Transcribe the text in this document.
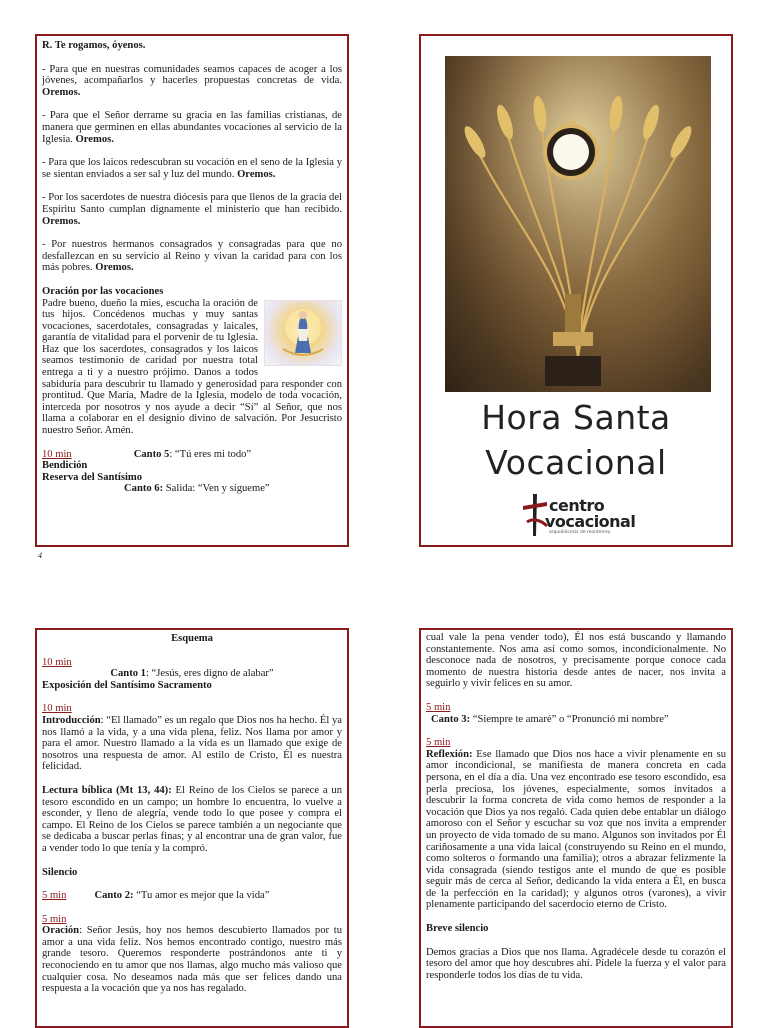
R. Te rogamos, óyenos.

- Para que en nuestras comunidades seamos capaces de acoger a los jóvenes, acompañarlos y hacerles propuestas concretas de vida. Oremos.

- Para que el Señor derrame su gracia en las familias cristianas, de manera que germinen en ellas abundantes vocaciones al servicio de la Iglesia. Oremos.

- Para que los laicos redescubran su vocación en el seno de la Iglesia y se sientan enviados a ser sal y luz del mundo. Oremos.

- Por los sacerdotes de nuestra diócesis para que llenos de la gracia del Espíritu Santo cumplan dignamente el ministerio que han recibido. Oremos.

- Por nuestros hermanos consagrados y consagradas para que no desfallezcan en su servicio al Reino y vivan la caridad para con los más pobres. Oremos.

Oración por las vocaciones

Padre bueno, dueño la mies, escucha la oración de tus hijos. Concédenos muchas y muy santas vocaciones, sacerdotales, consagradas y laicales, garantía de vitalidad para el porvenir de tu Iglesia. Haz que los sacerdotes, consagrados y los laicos seamos testimonio de caridad por nuestra total entrega a ti y a nuestro prójimo. Danos a todos sabiduría para descubrir tu llamado y generosidad para responder con prontitud. Que María, Madre de la Iglesia, modelo de toda vocación, interceda por nosotros y nos ayude a decir “Sí” al Señor, que nos llama a colaborar en el designio divino de salvación. Por Jesucristo nuestro Señor. Amén.

10 min	Canto 5: “Tú eres mi todo”
Bendición
Reserva del Santísimo
Canto 6: Salida: “Ven y sígueme”
4
Hora Santa
Vocacional
centro
vocacional
arquidiócesis de monterrey
Esquema
10 min
Canto 1: “Jesús, eres digno de alabar”
Exposición del Santísimo Sacramento
10 min

Introducción: “El llamado” es un regalo que Dios nos ha hecho. Él ya nos llamó a la vida, y a una vida plena, feliz. Nos llama por amor y para el amor. Nuestro llamado a la vida es un llamado que exige de nosotros una respuesta de amor. Al estilo de Cristo, Él es nuestra felicidad.

Lectura bíblica (Mt 13, 44): El Reino de los Cielos se parece a un tesoro escondido en un campo; un hombre lo encuentra, lo vuelve a esconder, y lleno de alegría, vende todo lo que posee y compra el campo. El Reino de los Cielos se parece también a un negociante que se dedicaba a buscar perlas finas; y al encontrar una de gran valor, fue a vender todo lo que tenía y la compró.

Silencio

5 min	Canto 2: “Tu amor es mejor que la vida”

5 min

Oración: Señor Jesús, hoy nos hemos descubierto llamados por tu amor a una vida feliz. Nos hemos encontrado contigo, nuestro más grande tesoro. Queremos responderte postrándonos ante ti y reconociendo en tu amor que nos llamas, algo mucho más valioso que cualquier cosa. No deseamos nada más que ser felices dando una respuesta a la vocación que ya nos has regalado.

cual vale la pena vender todo), Él nos está buscando y llamando constantemente. Nos ama así como somos, incondicionalmente. No desconoce nada de nosotros, y precisamente porque conoce cada momento de nuestra historia desde antes de nacer, nos invita a seguirlo y vivir felices en su amor.

5 min

Canto 3: “Siempre te amaré” o “Pronunció mi nombre”

5 min

Reflexión: Ese llamado que Dios nos hace a vivir plenamente en su amor incondicional, se manifiesta de manera concreta en cada persona, en el día a día. Una vez encontrado ese tesoro escondido, esa perla preciosa, los jóvenes, especialmente, somos invitados a descubrir la forma concreta de vida como hemos de responder a la vocación que Dios ya nos regaló. Cada quien debe entablar un diálogo amoroso con el Señor y escuchar su voz que nos invita a emprender un proyecto de vida tomado de su mano. Algunos son invitados por Él cariñosamente a una vida laical (construyendo su Reino en el mundo, como solteros o formando una familia); otros a abrazar felizmente la vida consagrada (siendo testigos ante el mundo de que es posible seguir más de cerca al Señor, dedicando la vida entera a Él, en busca de la perfección en la caridad); y algunos otros (varones), a vivir plenamente participando del sacerdocio eterno de Cristo.

Breve silencio

Demos gracias a Dios que nos llama. Agradécele desde tu corazón el tesoro del amor que hoy descubres ahí. Pídele la fuerza y el valor para responderle todos los días de tu vida.
